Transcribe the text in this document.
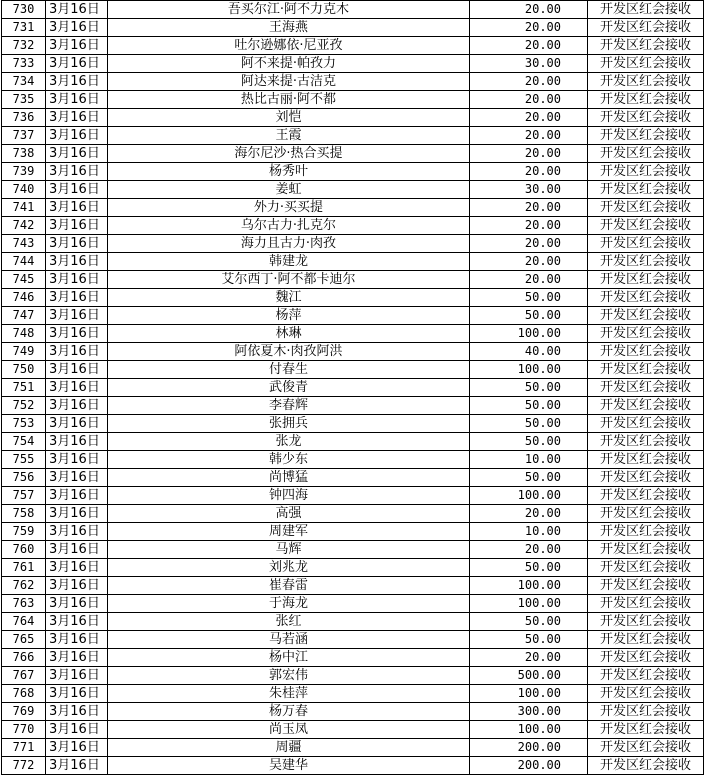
730	3月16日	吾买尔江·阿不力克木	20.00	开发区红会接收
731	3月16日	王海燕	20.00	开发区红会接收
732	3月16日	吐尔逊娜依·尼亚孜	20.00	开发区红会接收
733	3月16日	阿不来提·帕孜力	30.00	开发区红会接收
734	3月16日	阿达来提·古洁克	20.00	开发区红会接收
735	3月16日	热比古丽·阿不都	20.00	开发区红会接收
736	3月16日	刘恺	20.00	开发区红会接收
737	3月16日	王霞	20.00	开发区红会接收
738	3月16日	海尔尼沙·热合买提	20.00	开发区红会接收
739	3月16日	杨秀叶	20.00	开发区红会接收
740	3月16日	姜虹	30.00	开发区红会接收
741	3月16日	外力·买买提	20.00	开发区红会接收
742	3月16日	乌尔古力·扎克尔	20.00	开发区红会接收
743	3月16日	海力且古力·肉孜	20.00	开发区红会接收
744	3月16日	韩建龙	20.00	开发区红会接收
745	3月16日	艾尔西丁·阿不都卡迪尔	20.00	开发区红会接收
746	3月16日	魏江	50.00	开发区红会接收
747	3月16日	杨萍	50.00	开发区红会接收
748	3月16日	林琳	100.00	开发区红会接收
749	3月16日	阿依夏木·肉孜阿洪	40.00	开发区红会接收
750	3月16日	付春生	100.00	开发区红会接收
751	3月16日	武俊青	50.00	开发区红会接收
752	3月16日	李春辉	50.00	开发区红会接收
753	3月16日	张拥兵	50.00	开发区红会接收
754	3月16日	张龙	50.00	开发区红会接收
755	3月16日	韩少东	10.00	开发区红会接收
756	3月16日	尚博猛	50.00	开发区红会接收
757	3月16日	钟四海	100.00	开发区红会接收
758	3月16日	高强	20.00	开发区红会接收
759	3月16日	周建军	10.00	开发区红会接收
760	3月16日	马辉	20.00	开发区红会接收
761	3月16日	刘兆龙	50.00	开发区红会接收
762	3月16日	崔春雷	100.00	开发区红会接收
763	3月16日	于海龙	100.00	开发区红会接收
764	3月16日	张红	50.00	开发区红会接收
765	3月16日	马若涵	50.00	开发区红会接收
766	3月16日	杨中江	20.00	开发区红会接收
767	3月16日	郭宏伟	500.00	开发区红会接收
768	3月16日	朱桂萍	100.00	开发区红会接收
769	3月16日	杨万春	300.00	开发区红会接收
770	3月16日	尚玉凤	100.00	开发区红会接收
771	3月16日	周疆	200.00	开发区红会接收
772	3月16日	吴建华	200.00	开发区红会接收
